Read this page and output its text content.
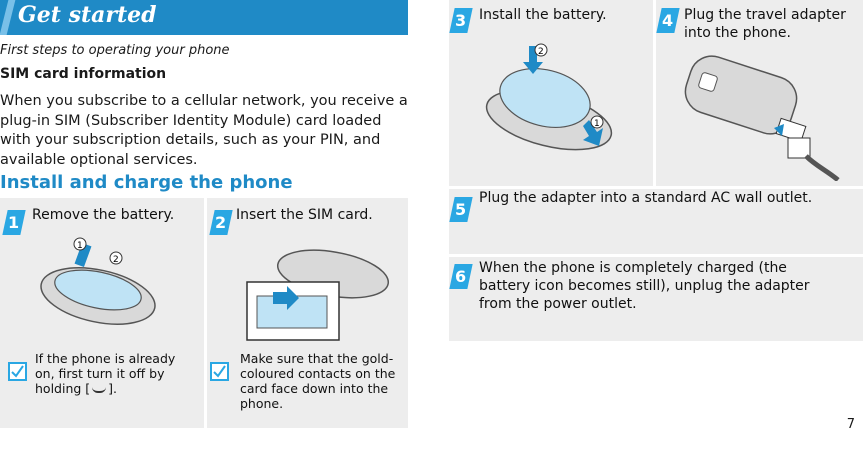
Get started
First steps to operating your phone
SIM card information
When you subscribe to a cellular network, you receive a plug-in SIM (Subscriber Identity Module) card loaded with your subscription details, such as your PIN, and available optional services.
Install and charge the phone
1 Remove the battery.
1
2
If the phone is already on, first turn it off by holding [ ].
2 Insert the SIM card.
Make sure that the gold-coloured contacts on the card face down into the phone.
3 Install the battery.
2
1
4 Plug the travel adapter into the phone.
5
Plug the adapter into a standard AC wall outlet.
6 When the phone is completely charged (the battery icon becomes still), unplug the adapter from the power outlet.
7
